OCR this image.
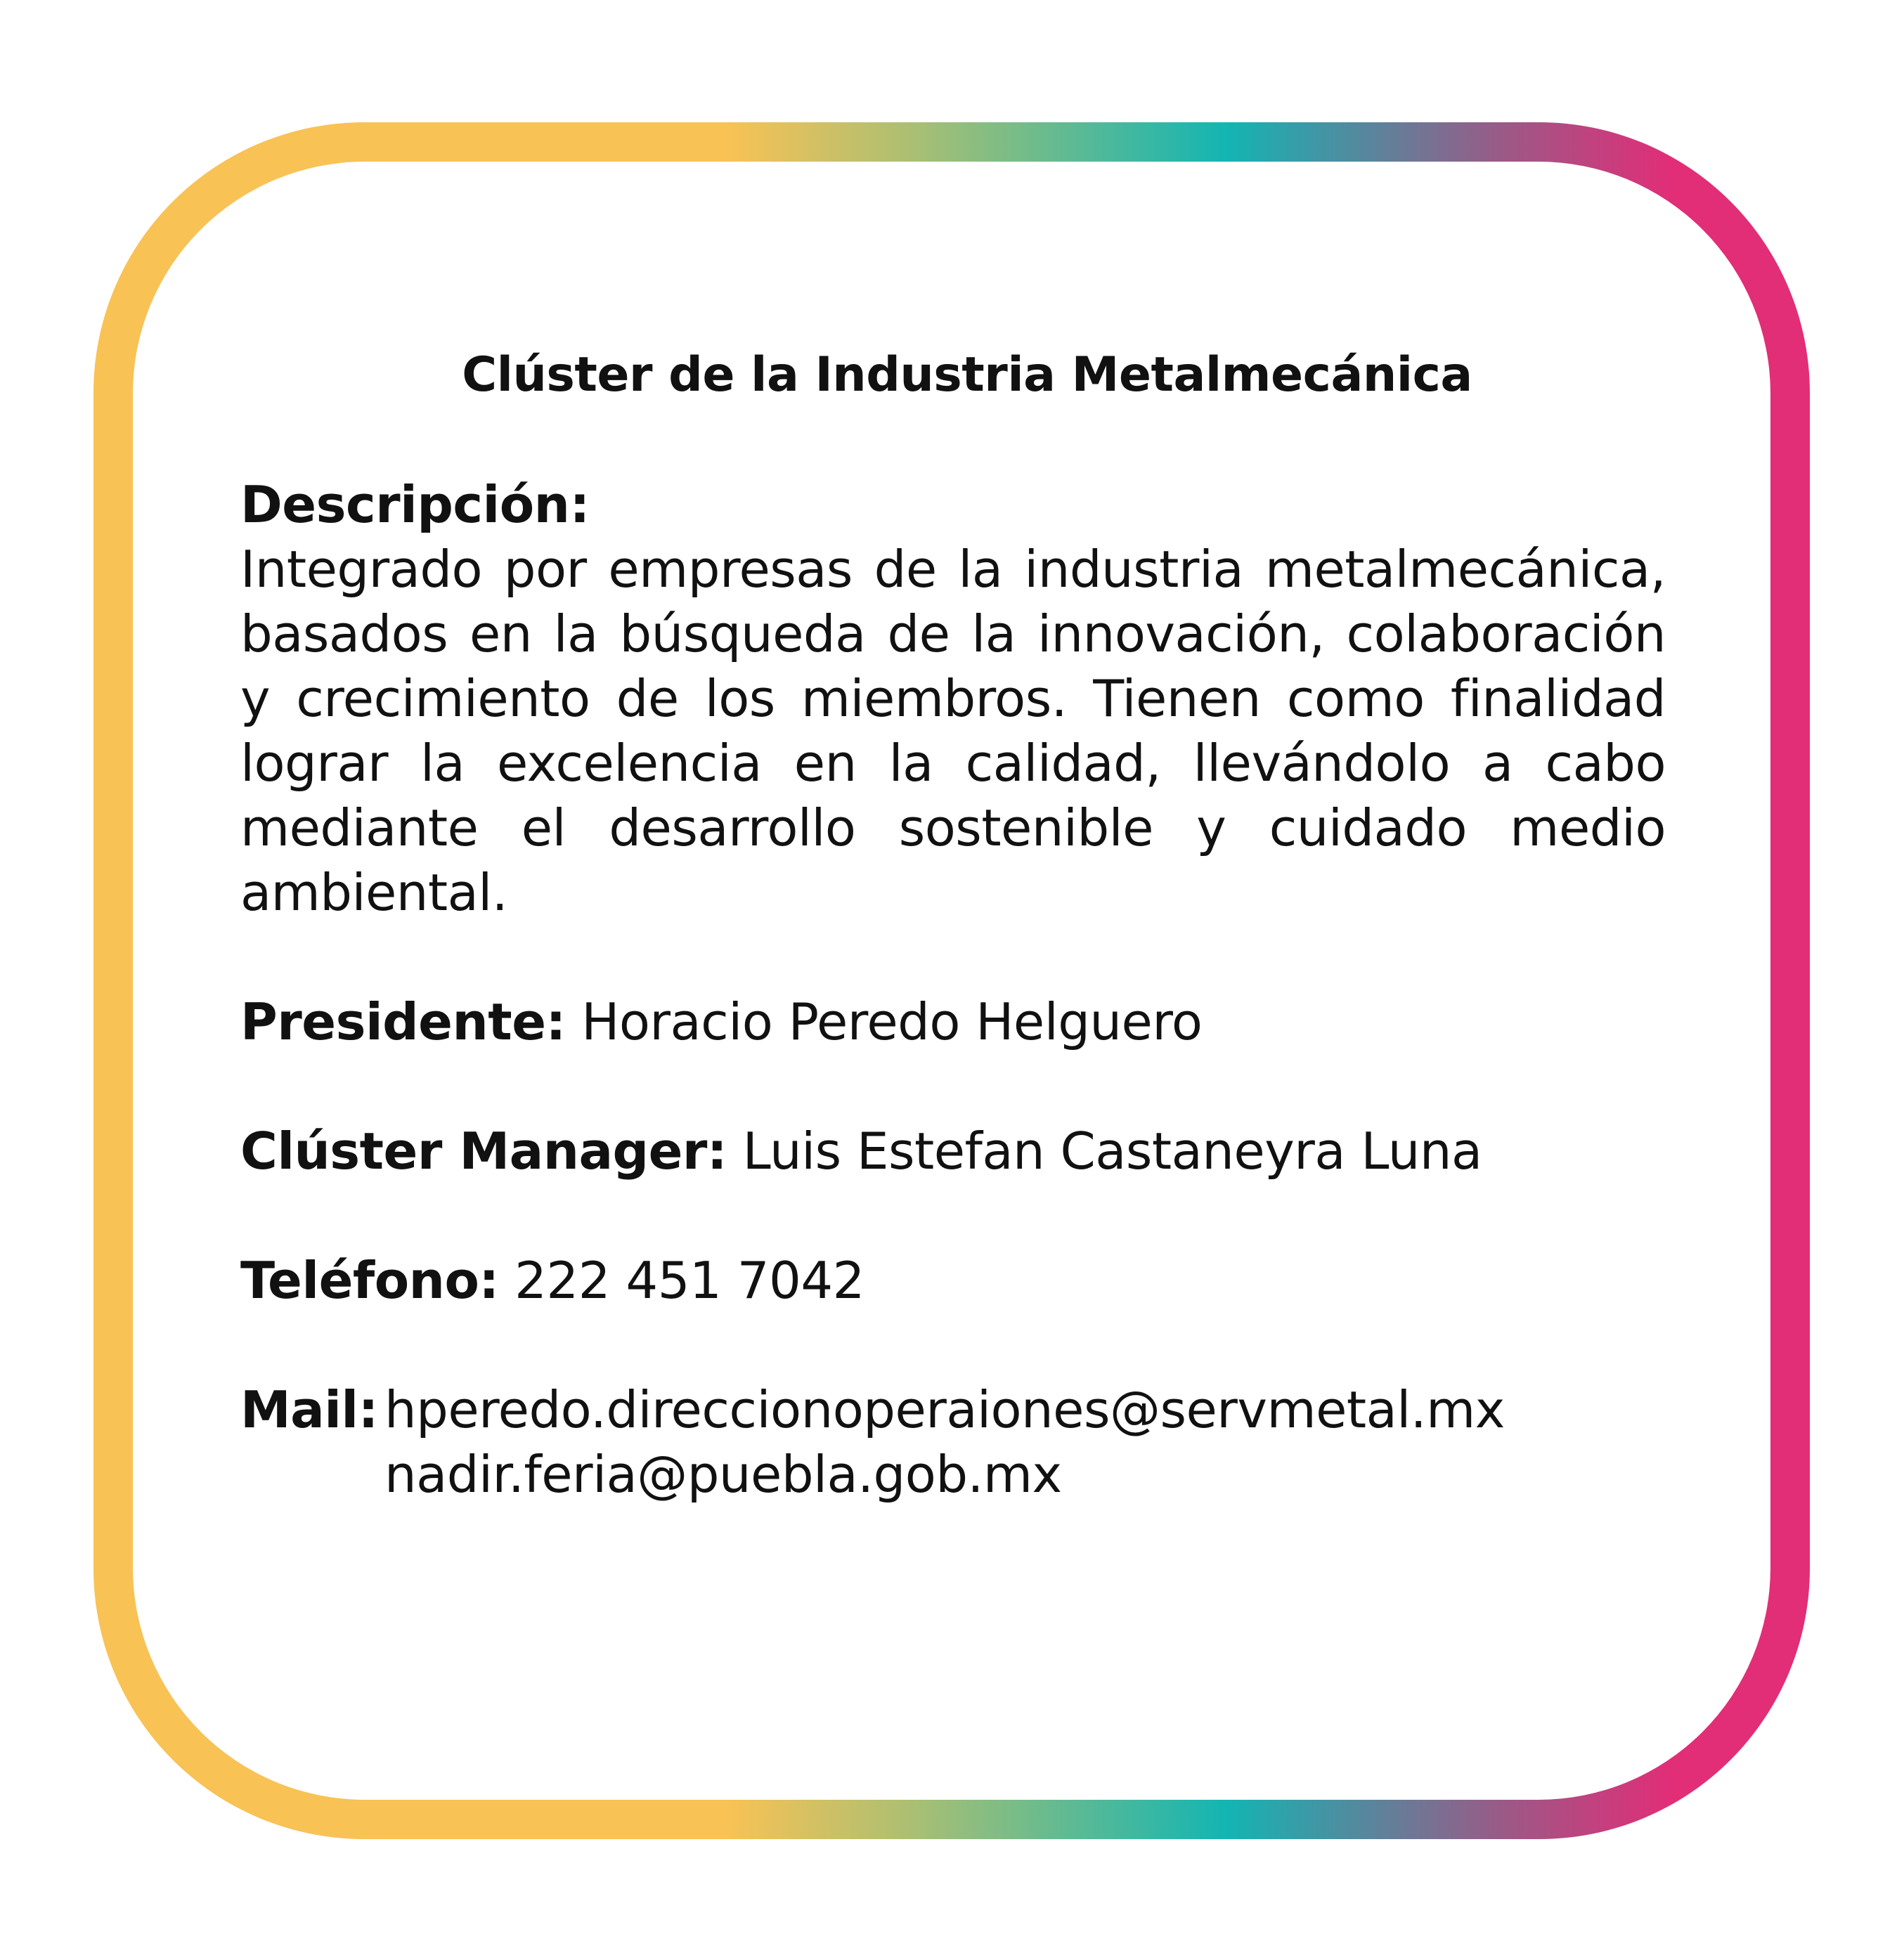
Clúster de la Industria Metalmecánica

Descripción:

Integrado por empresas de la industria metalmecánica, basados en la búsqueda de la innovación, colaboración y crecimiento de los miembros. Tienen como finalidad lograr la excelencia en la calidad, llevándolo a cabo mediante el desarrollo sostenible y cuidado medio ambiental.

Presidente: Horacio Peredo Helguero

Clúster Manager: Luis Estefan Castaneyra Luna

Teléfono: 222 451 7042

Mail: hperedo.direccionoperaiones@servmetal.mx
nadir.feria@puebla.gob.mx
